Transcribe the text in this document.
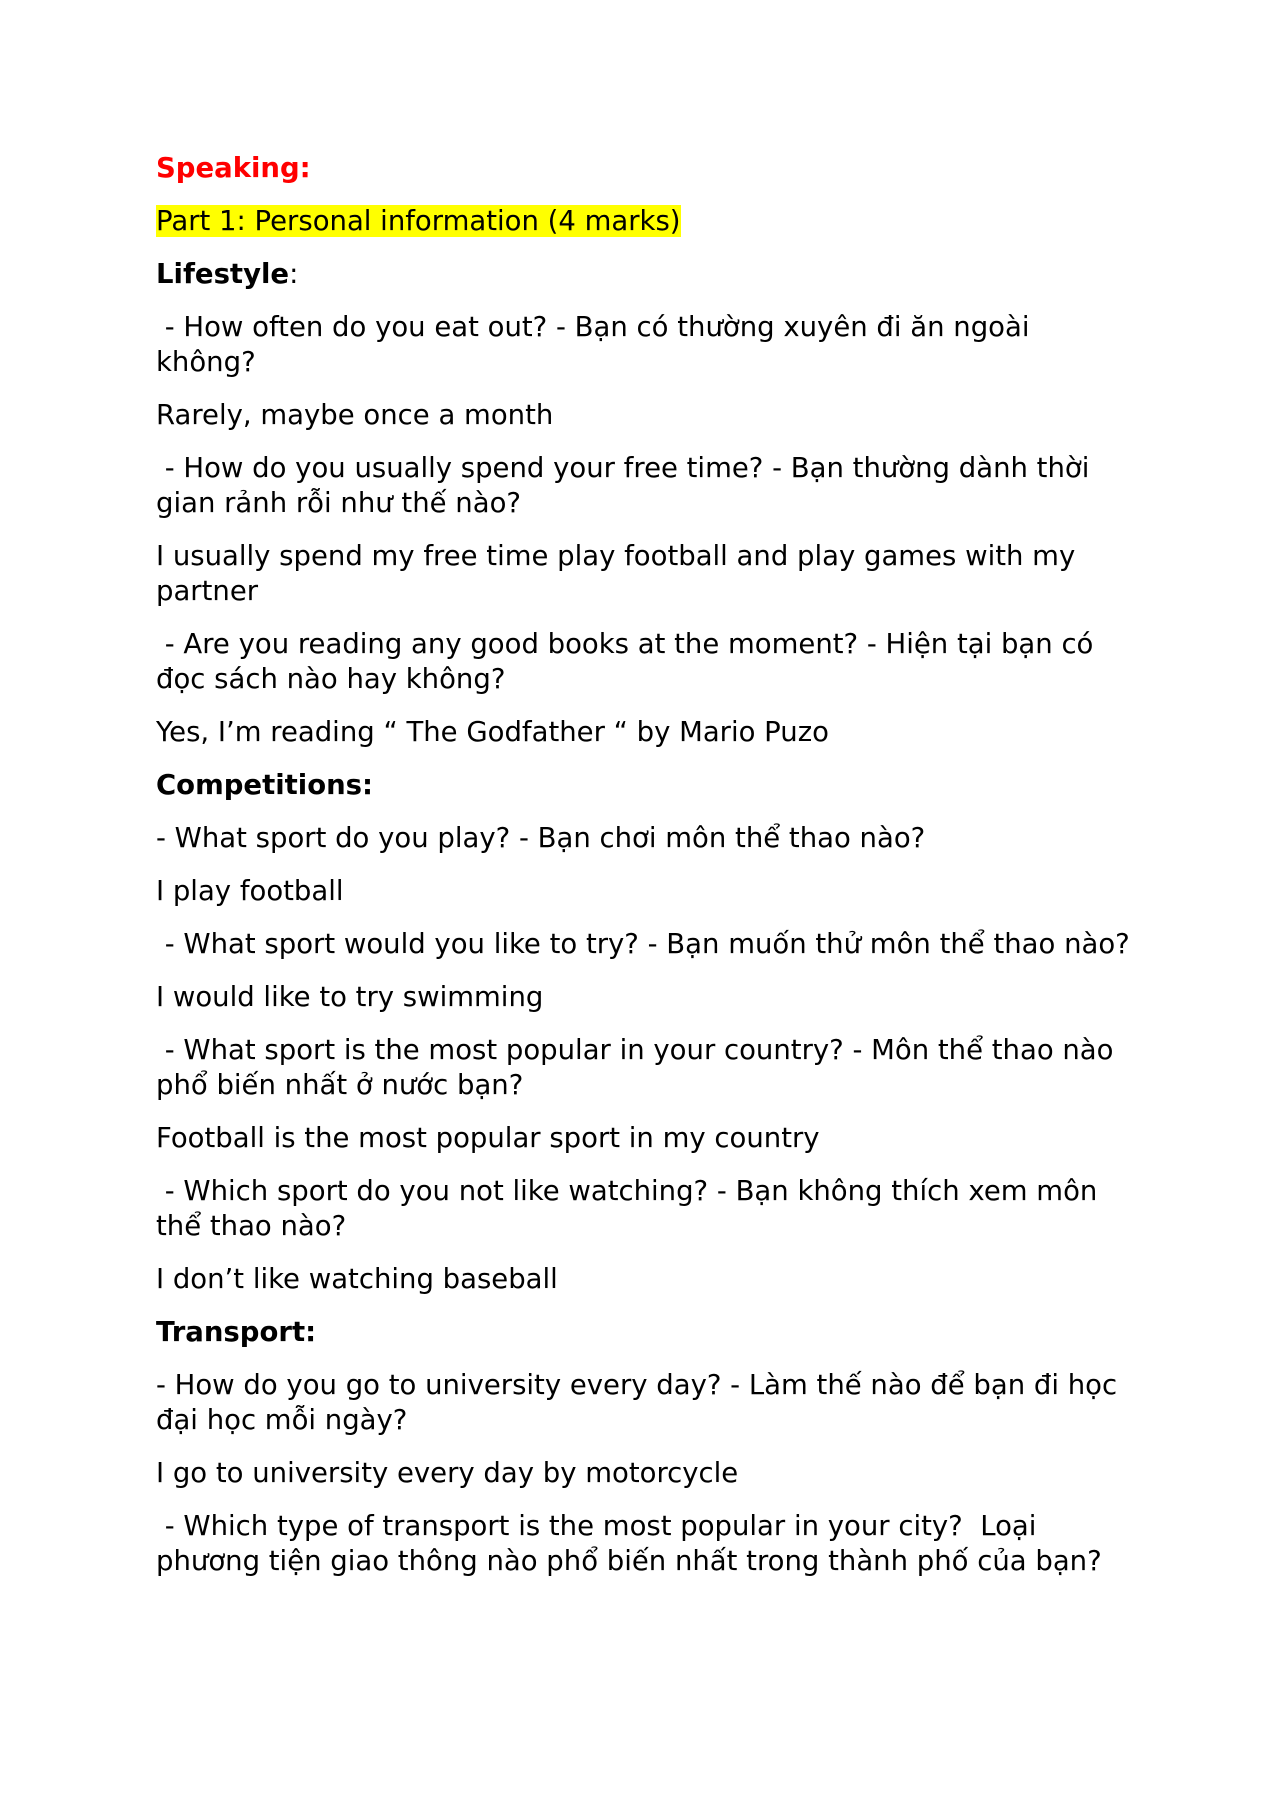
Speaking:

Part 1: Personal information (4 marks)

Lifestyle:

- How often do you eat out? - Bạn có thường xuyên đi ăn ngoài không?

Rarely, maybe once a month

- How do you usually spend your free time? - Bạn thường dành thời gian rảnh rỗi như thế nào?

I usually spend my free time play football and play games with my partner

- Are you reading any good books at the moment? - Hiện tại bạn có đọc sách nào hay không?

Yes, I’m reading “ The Godfather “ by Mario Puzo

Competitions:

- What sport do you play? - Bạn chơi môn thể thao nào?

I play football

- What sport would you like to try? - Bạn muốn thử môn thể thao nào?

I would like to try swimming

- What sport is the most popular in your country? - Môn thể thao nào phổ biến nhất ở nước bạn?

Football is the most popular sport in my country

- Which sport do you not like watching? - Bạn không thích xem môn thể thao nào?

I don’t like watching baseball

Transport:

- How do you go to university every day? - Làm thế nào để bạn đi học đại học mỗi ngày?

I go to university every day by motorcycle

- Which type of transport is the most popular in your city?  Loại phương tiện giao thông nào phổ biến nhất trong thành phố của bạn?
